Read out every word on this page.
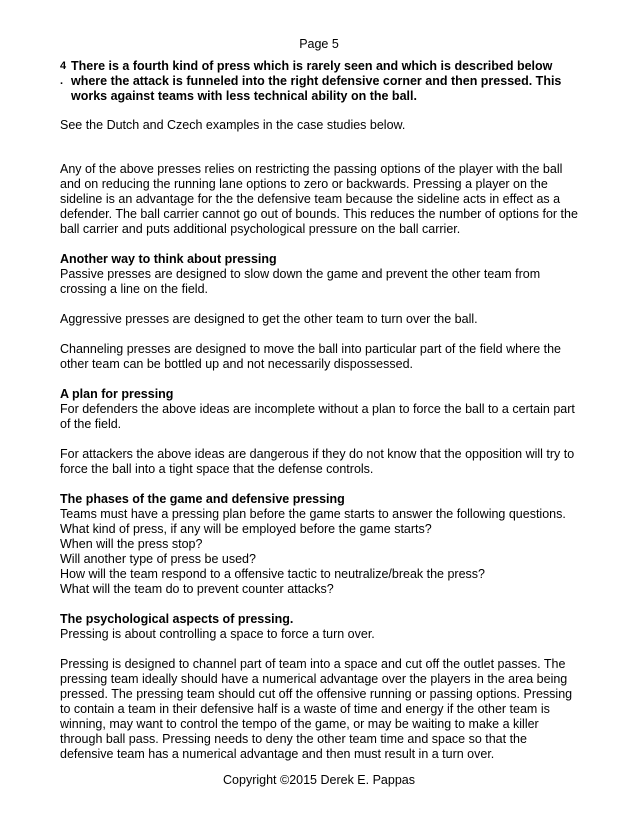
Page 5
4 .
There is a fourth kind of press which is rarely seen and which is described below where the attack is funneled into the right defensive corner and then pressed. This works against teams with less technical ability on the ball.

See the Dutch and Czech examples in the case studies below.

Any of the above presses relies on restricting the passing options of the player with the ball and on reducing the running lane options to zero or backwards. Pressing a player on the sideline is an advantage for the the defensive team because the sideline acts in effect as a defender. The ball carrier cannot go out of bounds. This reduces the number of options for the ball carrier and puts additional psychological pressure on the ball carrier.

Another way to think about pressing

Passive presses are designed to slow down the game and prevent the other team from crossing a line on the field.

Aggressive presses are designed to get the other team to turn over the ball.

Channeling presses are designed to move the ball into particular part of the field where the other team can be bottled up and not necessarily dispossessed.

A plan for pressing

For defenders the above ideas are incomplete without a plan to force the ball to a certain part of the field.

For attackers the above ideas are dangerous if they do not know that the opposition will try to force the ball into a tight space that the defense controls.

The phases of the game and defensive pressing
Teams must have a pressing plan before the game starts to answer the following questions.
What kind of press, if any will be employed before the game starts?
When will the press stop?
Will another type of press be used?
How will the team respond to a offensive tactic to neutralize/break the press?

What will the team do to prevent counter attacks?

The psychological aspects of pressing.

Pressing is about controlling a space to force a turn over.

Pressing is designed to channel part of team into a space and cut off the outlet passes. The pressing team ideally should have a numerical advantage over the players in the area being pressed. The pressing team should cut off the offensive running or passing options. Pressing to contain a team in their defensive half is a waste of time and energy if the other team is winning, may want to control the tempo of the game, or may be waiting to make a killer through ball pass. Pressing needs to deny the other team time and space so that the defensive team has a numerical advantage and then must result in a turn over.

Copyright ©2015 Derek E. Pappas
